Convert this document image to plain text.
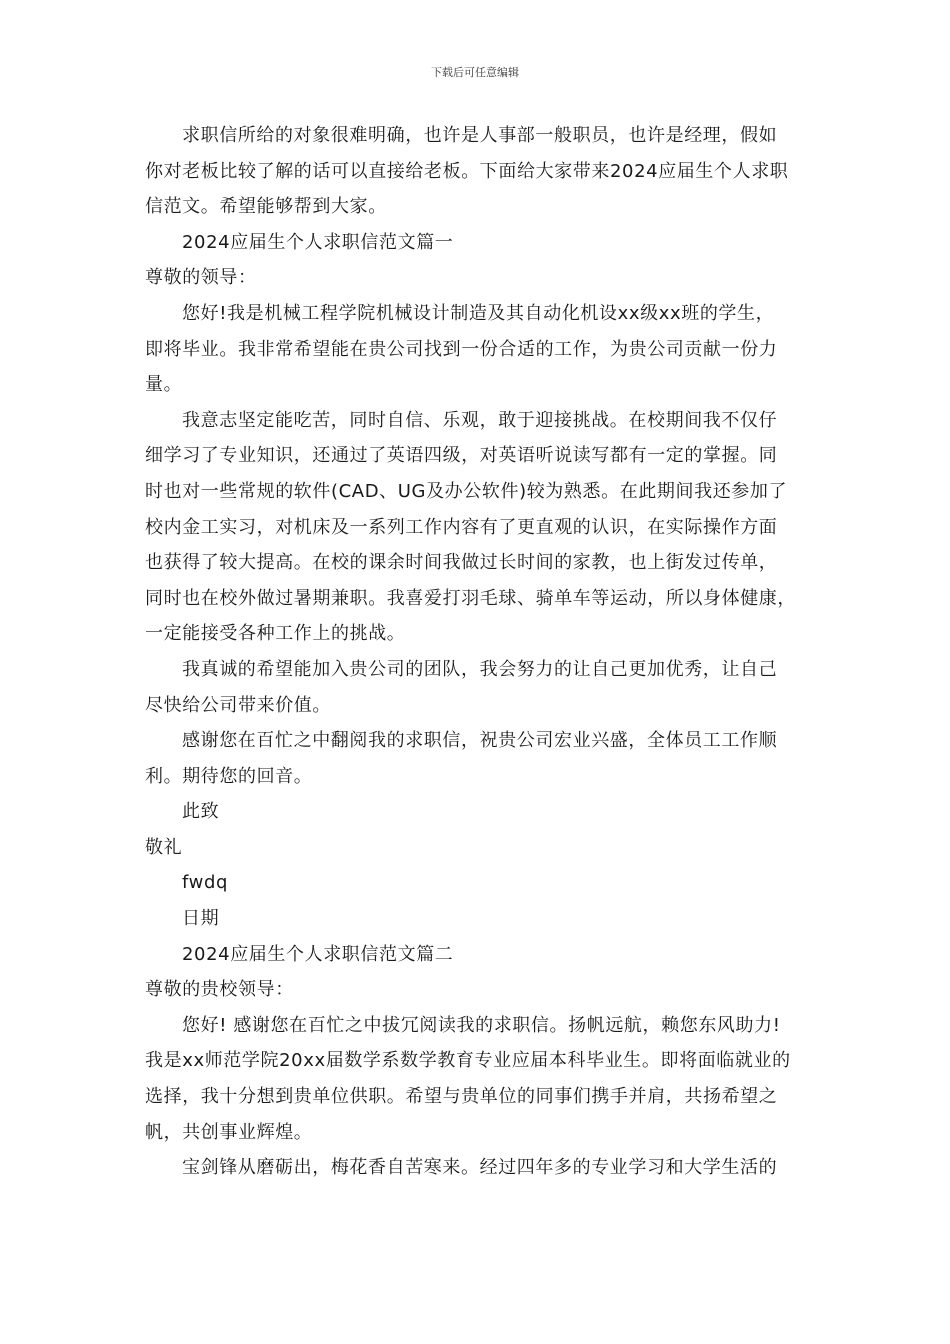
下载后可任意编辑
求职信所给的对象很难明确，也许是人事部一般职员，也许是经理，假如
你对老板比较了解的话可以直接给老板。下面给大家带来2024应届生个人求职
信范文。希望能够帮到大家。
2024应届生个人求职信范文篇一
尊敬的领导：
您好!我是机械工程学院机械设计制造及其自动化机设xx级xx班的学生，
即将毕业。我非常希望能在贵公司找到一份合适的工作，为贵公司贡献一份力
量。
我意志坚定能吃苦，同时自信、乐观，敢于迎接挑战。在校期间我不仅仔
细学习了专业知识，还通过了英语四级，对英语听说读写都有一定的掌握。同
时也对一些常规的软件(CAD、UG及办公软件)较为熟悉。在此期间我还参加了
校内金工实习，对机床及一系列工作内容有了更直观的认识，在实际操作方面
也获得了较大提高。在校的课余时间我做过长时间的家教，也上街发过传单，
同时也在校外做过暑期兼职。我喜爱打羽毛球、骑单车等运动，所以身体健康，
一定能接受各种工作上的挑战。
我真诚的希望能加入贵公司的团队，我会努力的让自己更加优秀，让自己
尽快给公司带来价值。
感谢您在百忙之中翻阅我的求职信，祝贵公司宏业兴盛，全体员工工作顺
利。期待您的回音。
此致
敬礼
fwdq
日期
2024应届生个人求职信范文篇二
尊敬的贵校领导：
您好! 感谢您在百忙之中拔冗阅读我的求职信。扬帆远航，赖您东风助力!
我是xx师范学院20xx届数学系数学教育专业应届本科毕业生。即将面临就业的
选择，我十分想到贵单位供职。希望与贵单位的同事们携手并肩，共扬希望之
帆，共创事业辉煌。
宝剑锋从磨砺出，梅花香自苦寒来。经过四年多的专业学习和大学生活的
